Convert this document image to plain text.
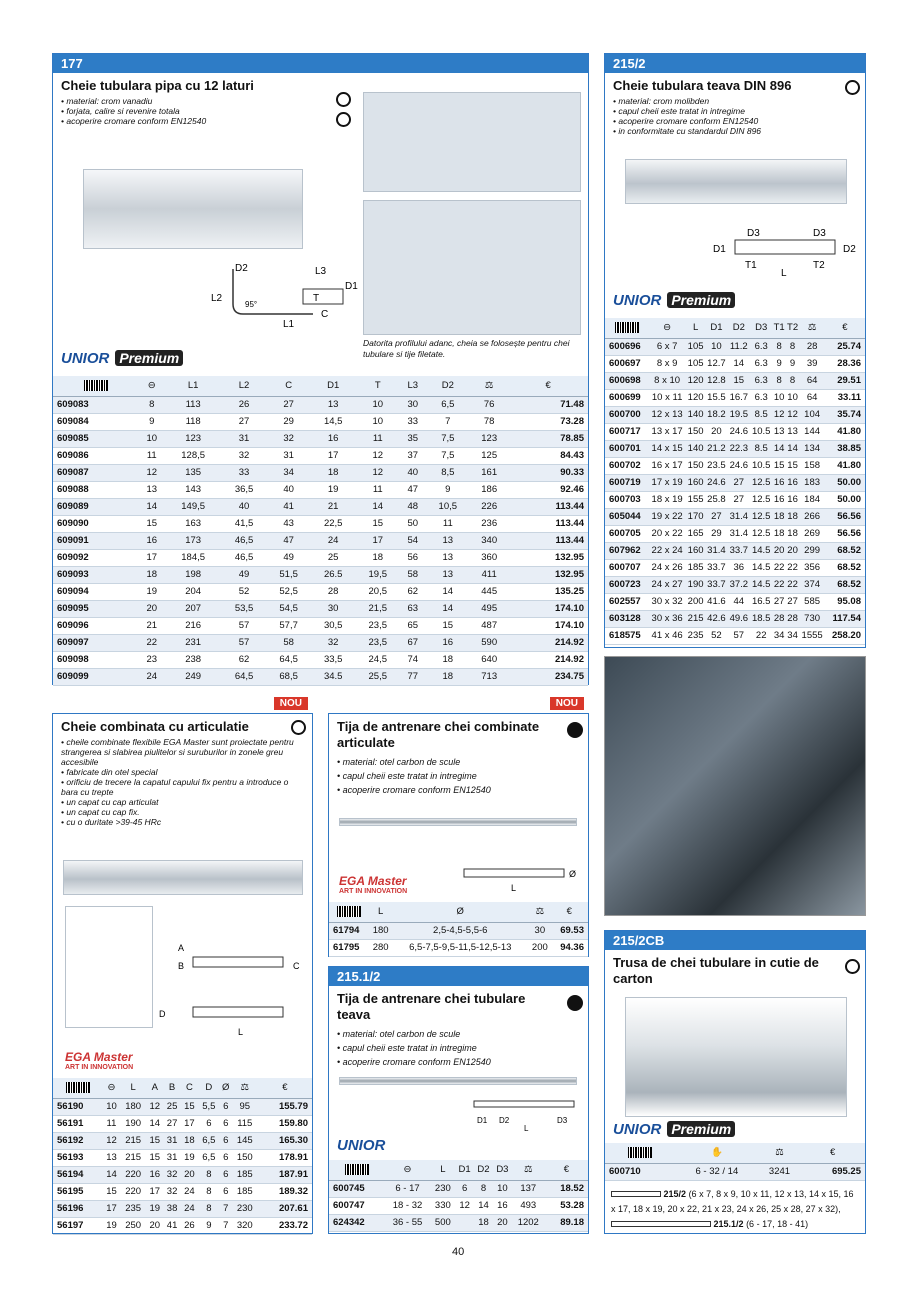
177
Cheie tubulara pipa cu 12 laturi
• material: crom vanadiu
• forjata, calire si revenire totala
• acoperire cromare conform EN12540
D2	L3
D1
L2	T
C
95°
L1
Datorita profilului adanc, cheia se folosește pentru chei tubulare si tije filetate.
UNIOR Premium
	⊖	L1	L2	C	D1	T	L3	D2	⚖	€
609083	8	113	26	27	13	10	30	6,5	76	71.48
609084	9	118	27	29	14,5	10	33	7	78	73.28
609085	10	123	31	32	16	11	35	7,5	123	78.85
609086	11	128,5	32	31	17	12	37	7,5	125	84.43
609087	12	135	33	34	18	12	40	8,5	161	90.33
609088	13	143	36,5	40	19	11	47	9	186	92.46
609089	14	149,5	40	41	21	14	48	10,5	226	113.44
609090	15	163	41,5	43	22,5	15	50	11	236	113.44
609091	16	173	46,5	47	24	17	54	13	340	113.44
609092	17	184,5	46,5	49	25	18	56	13	360	132.95
609093	18	198	49	51,5	26.5	19,5	58	13	411	132.95
609094	19	204	52	52,5	28	20,5	62	14	445	135.25
609095	20	207	53,5	54,5	30	21,5	63	14	495	174.10
609096	21	216	57	57,7	30,5	23,5	65	15	487	174.10
609097	22	231	57	58	32	23,5	67	16	590	214.92
609098	23	238	62	64,5	33,5	24,5	74	18	640	214.92
609099	24	249	64,5	68,5	34.5	25,5	77	18	713	234.75
215/2
Cheie tubulara teava DIN 896
• material: crom molibden
• capul cheii este tratat in intregime
• acoperire cromare conform EN12540
• in conformitate cu standardul DIN 896
D3	D3
D1	D2
T1	T2
L
UNIOR Premium
	⊖	L	D1	D2	D3	T1	T2	⚖	€
600696	6 x 7	105	10	11.2	6.3	8	8	28	25.74
600697	8 x 9	105	12.7	14	6.3	9	9	39	28.36
600698	8 x 10	120	12.8	15	6.3	8	8	64	29.51
600699	10 x 11	120	15.5	16.7	6.3	10	10	64	33.11
600700	12 x 13	140	18.2	19.5	8.5	12	12	104	35.74
600717	13 x 17	150	20	24.6	10.5	13	13	144	41.80
600701	14 x 15	140	21.2	22.3	8.5	14	14	134	38.85
600702	16 x 17	150	23.5	24.6	10.5	15	15	158	41.80
600719	17 x 19	160	24.6	27	12.5	16	16	183	50.00
600703	18 x 19	155	25.8	27	12.5	16	16	184	50.00
605044	19 x 22	170	27	31.4	12.5	18	18	266	56.56
600705	20 x 22	165	29	31.4	12.5	18	18	269	56.56
607962	22 x 24	160	31.4	33.7	14.5	20	20	299	68.52
600707	24 x 26	185	33.7	36	14.5	22	22	356	68.52
600723	24 x 27	190	33.7	37.2	14.5	22	22	374	68.52
602557	30 x 32	200	41.6	44	16.5	27	27	585	95.08
603128	30 x 36	215	42.6	49.6	18.5	28	28	730	117.54
618575	41 x 46	235	52	57	22	34	34	1555	258.20
NOU
Cheie combinata cu articulatie
• cheile combinate flexibile EGA Master sunt proiectate pentru strangerea si slabirea piulitelor si suruburilor in zonele greu accesibile
• fabricate din otel special
• orificiu de trecere la capatul capului fix pentru a introduce o bara cu trepte
• un capat cu cap articulat
• un capat cu cap fix.
• cu o duritate >39-45 HRc
A
B	C
D
L
EGA Master
ART IN INNOVATION
	⊖	L	A	B	C	D	Ø	⚖	€
56190	10	180	12	25	15	5,5	6	95	155.79
56191	11	190	14	27	17	6	6	115	159.80
56192	12	215	15	31	18	6,5	6	145	165.30
56193	13	215	15	31	19	6,5	6	150	178.91
56194	14	220	16	32	20	8	6	185	187.91
56195	15	220	17	32	24	8	6	185	189.32
56196	17	235	19	38	24	8	7	230	207.61
56197	19	250	20	41	26	9	7	320	233.72
NOU
Tija de antrenare chei combinate articulate
• material: otel carbon de scule
• capul cheii este tratat in intregime
• acoperire cromare conform EN12540
EGA Master
ART IN INNOVATION
Ø
L
	L	Ø	⚖	€
61794	180	2,5-4,5-5,5-6	30	69.53
61795	280	6,5-7,5-9,5-11,5-12,5-13	200	94.36
215.1/2
Tija de antrenare chei tubulare teava
• material: otel carbon de scule
• capul cheii este tratat in intregime
• acoperire cromare conform EN12540
D1 D2	D3
L
UNIOR
	⊖	L	D1	D2	D3	⚖	€
600745	6 - 17	230	6	8	10	137	18.52
600747	18 - 32	330	12	14	16	493	53.28
624342	36 - 55	500		18	20	1202	89.18
215/2CB
Trusa de chei tubulare in cutie de carton
UNIOR Premium
	✋	⚖	€
600710	6 - 32 / 14	3241	695.25
215/2 (6 x 7, 8 x 9, 10 x 11, 12 x 13, 14 x 15, 16 x 17, 18 x 19, 20 x 22, 21 x 23, 24 x 26, 25 x 28, 27 x 32),
215.1/2 (6 - 17, 18 - 41)
40
